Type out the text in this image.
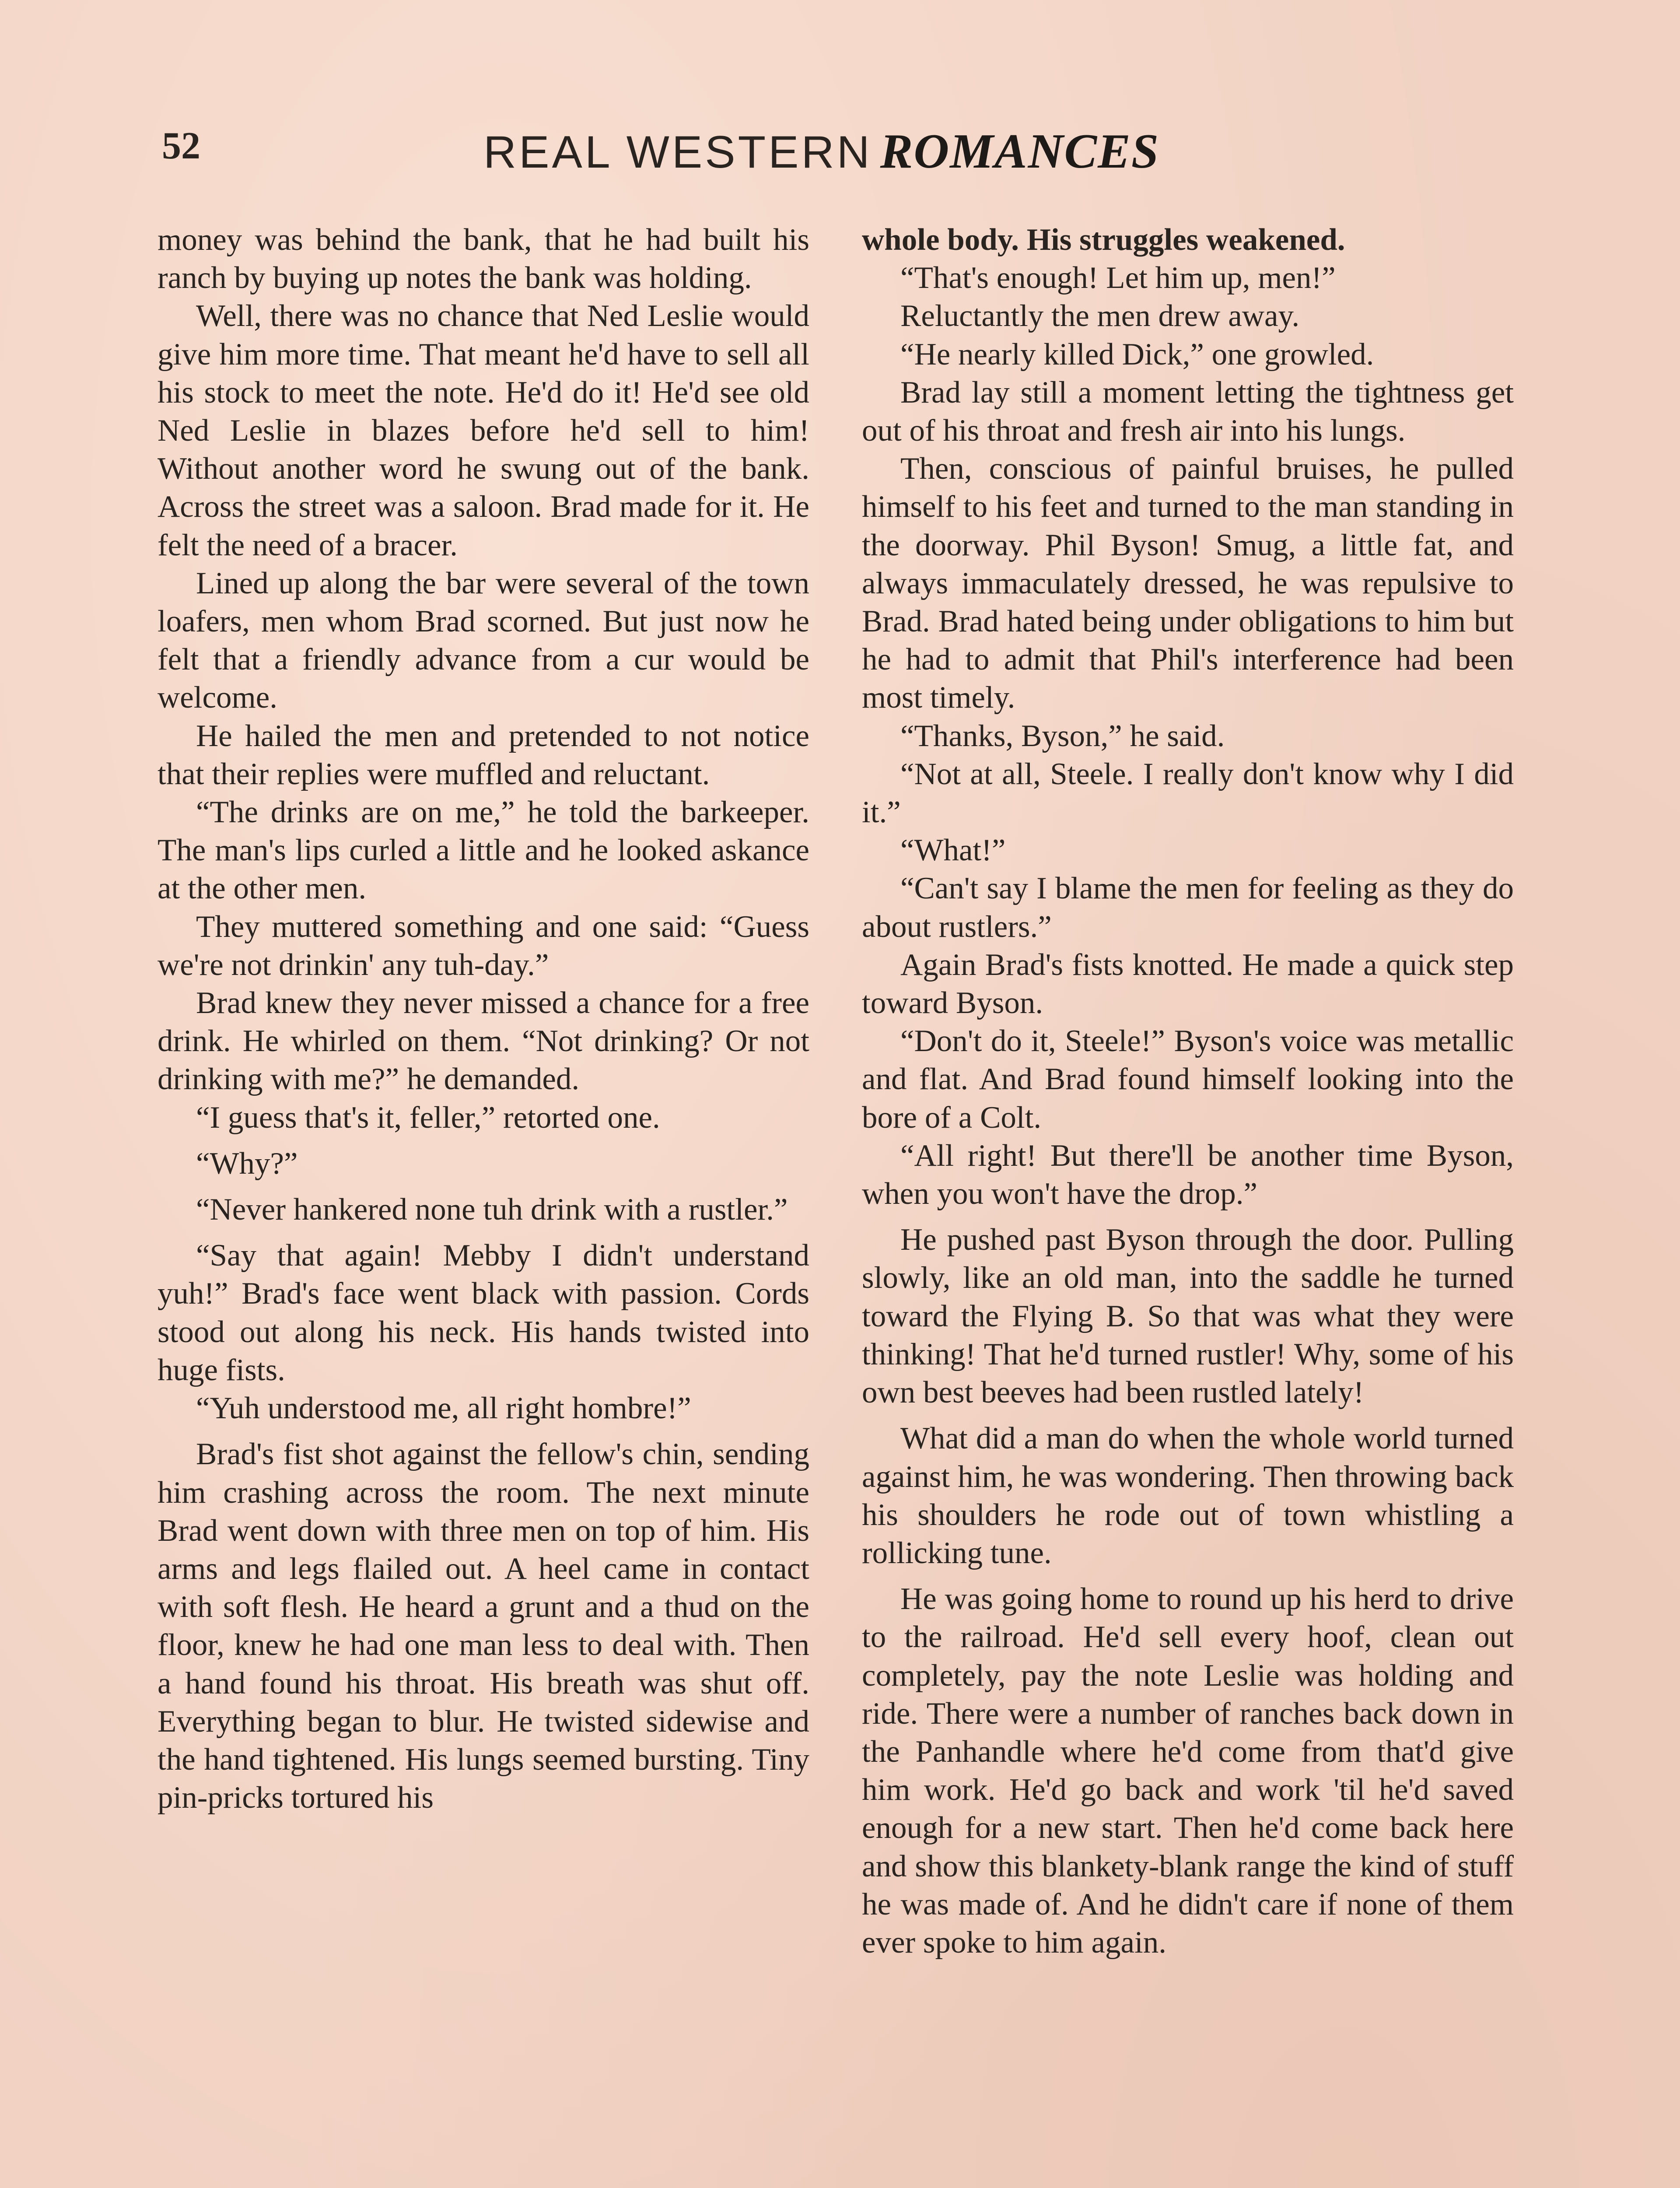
52	REAL WESTERN ROMANCES

money was behind the bank, that he had built his ranch by buying up notes the bank was holding.

Well, there was no chance that Ned Leslie would give him more time. That meant he'd have to sell all his stock to meet the note. He'd do it! He'd see old Ned Leslie in blazes before he'd sell to him! Without another word he swung out of the bank. Across the street was a saloon. Brad made for it. He felt the need of a bracer.

Lined up along the bar were several of the town loafers, men whom Brad scorned. But just now he felt that a friendly advance from a cur would be welcome.

He hailed the men and pretended to not notice that their replies were muffled and reluctant.

“The drinks are on me,” he told the barkeeper. The man's lips curled a little and he looked askance at the other men.

They muttered something and one said: “Guess we're not drinkin' any tuh-day.”

Brad knew they never missed a chance for a free drink. He whirled on them. “Not drinking? Or not drinking with me?” he demanded.

“I guess that's it, feller,” retorted one.

“Why?”

“Never hankered none tuh drink with a rustler.”

“Say that again! Mebby I didn't understand yuh!” Brad's face went black with passion. Cords stood out along his neck. His hands twisted into huge fists.

“Yuh understood me, all right hombre!”

Brad's fist shot against the fellow's chin, sending him crashing across the room. The next minute Brad went down with three men on top of him. His arms and legs flailed out. A heel came in contact with soft flesh. He heard a grunt and a thud on the floor, knew he had one man less to deal with. Then a hand found his throat. His breath was shut off. Everything began to blur. He twisted sidewise and the hand tightened. His lungs seemed bursting. Tiny pin-pricks tortured his

whole body. His struggles weakened.

“That's enough! Let him up, men!”

Reluctantly the men drew away.

“He nearly killed Dick,” one growled.

Brad lay still a moment letting the tightness get out of his throat and fresh air into his lungs.

Then, conscious of painful bruises, he pulled himself to his feet and turned to the man standing in the doorway. Phil Byson! Smug, a little fat, and always immaculately dressed, he was repulsive to Brad. Brad hated being under obligations to him but he had to admit that Phil's interference had been most timely.

“Thanks, Byson,” he said.

“Not at all, Steele. I really don't know why I did it.”

“What!”

“Can't say I blame the men for feeling as they do about rustlers.”

Again Brad's fists knotted. He made a quick step toward Byson.

“Don't do it, Steele!” Byson's voice was metallic and flat. And Brad found himself looking into the bore of a Colt.

“All right! But there'll be another time Byson, when you won't have the drop.”

He pushed past Byson through the door. Pulling slowly, like an old man, into the saddle he turned toward the Flying B. So that was what they were thinking! That he'd turned rustler! Why, some of his own best beeves had been rustled lately!

What did a man do when the whole world turned against him, he was wondering. Then throwing back his shoulders he rode out of town whistling a rollicking tune.

He was going home to round up his herd to drive to the railroad. He'd sell every hoof, clean out completely, pay the note Leslie was holding and ride. There were a number of ranches back down in the Panhandle where he'd come from that'd give him work. He'd go back and work 'til he'd saved enough for a new start. Then he'd come back here and show this blankety-blank range the kind of stuff he was made of. And he didn't care if none of them ever spoke to him again.
